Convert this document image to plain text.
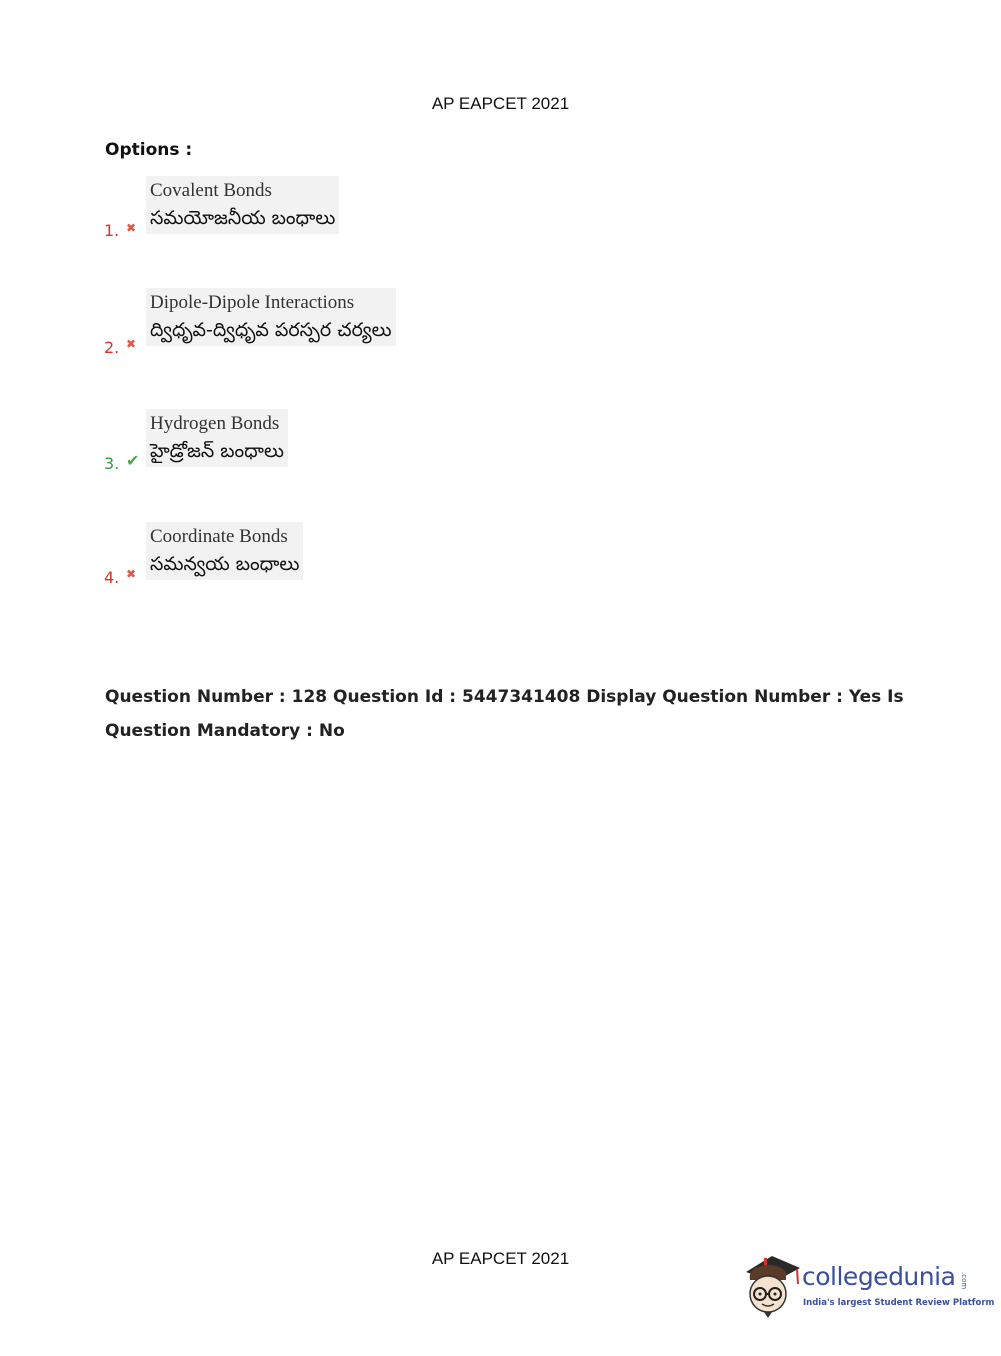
AP EAPCET 2021
Options :
1. ✖
Covalent Bonds
సమయోజనీయ బంధాలు
2. ✖
Dipole-Dipole Interactions
ద్విధృవ-ద్విధృవ పరస్పర చర్యలు
3. ✔
Hydrogen Bonds
హైడ్రోజన్ బంధాలు
4. ✖
Coordinate Bonds
సమన్వయ బంధాలు
Question Number : 128 Question Id : 5447341408 Display Question Number : Yes Is Question Mandatory : No
AP EAPCET 2021
collegedunia .com
India's largest Student Review Platform
